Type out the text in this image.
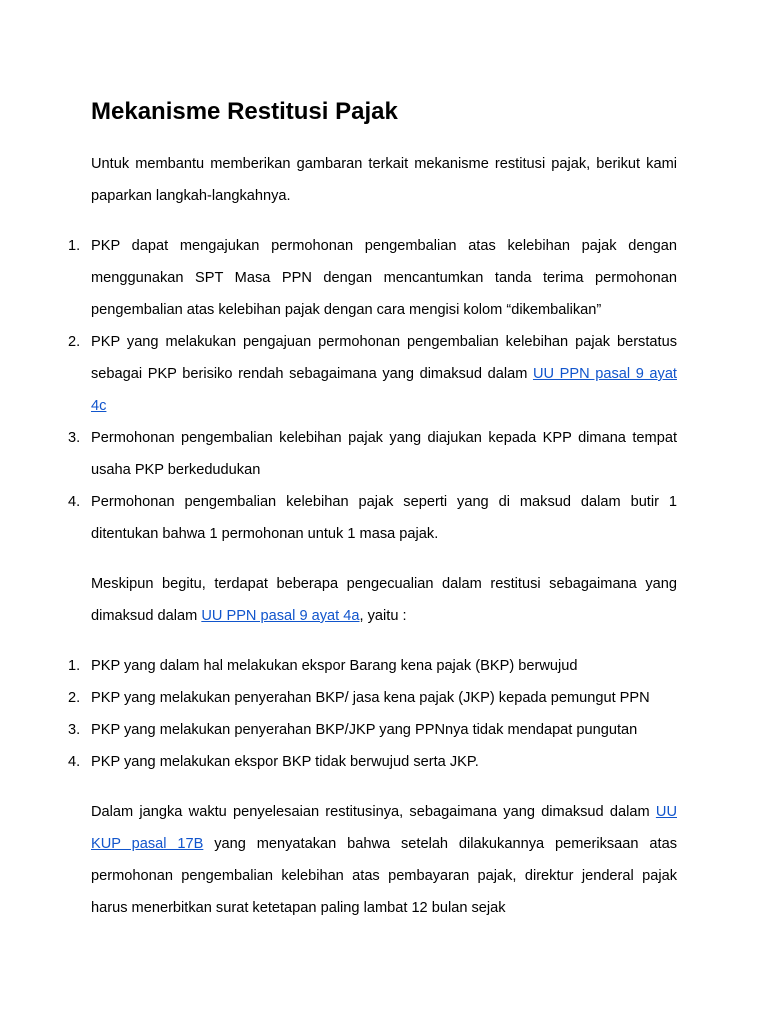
Mekanisme Restitusi Pajak

Untuk membantu memberikan gambaran terkait mekanisme restitusi pajak, berikut kami paparkan langkah-langkahnya.

1. PKP dapat mengajukan permohonan pengembalian atas kelebihan pajak dengan menggunakan SPT Masa PPN dengan mencantumkan tanda terima permohonan pengembalian atas kelebihan pajak dengan cara mengisi kolom “dikembalikan”
2. PKP yang melakukan pengajuan permohonan pengembalian kelebihan pajak berstatus sebagai PKP berisiko rendah sebagaimana yang dimaksud dalam UU PPN pasal 9 ayat 4c
3. Permohonan pengembalian kelebihan pajak yang diajukan kepada KPP dimana tempat usaha PKP berkedudukan
4. Permohonan pengembalian kelebihan pajak seperti yang di maksud dalam butir 1 ditentukan bahwa 1 permohonan untuk 1 masa pajak.

Meskipun begitu, terdapat beberapa pengecualian dalam restitusi sebagaimana yang dimaksud dalam UU PPN pasal 9 ayat 4a, yaitu :

1. PKP yang dalam hal melakukan ekspor Barang kena pajak (BKP) berwujud
2. PKP yang melakukan penyerahan BKP/ jasa kena pajak (JKP) kepada pemungut PPN
3. PKP yang melakukan penyerahan BKP/JKP yang PPNnya tidak mendapat pungutan
4. PKP yang melakukan ekspor BKP tidak berwujud serta JKP.

Dalam jangka waktu penyelesaian restitusinya, sebagaimana yang dimaksud dalam UU KUP pasal 17B yang menyatakan bahwa setelah dilakukannya pemeriksaan atas permohonan pengembalian kelebihan atas pembayaran pajak, direktur jenderal pajak harus menerbitkan surat ketetapan paling lambat 12 bulan sejak
